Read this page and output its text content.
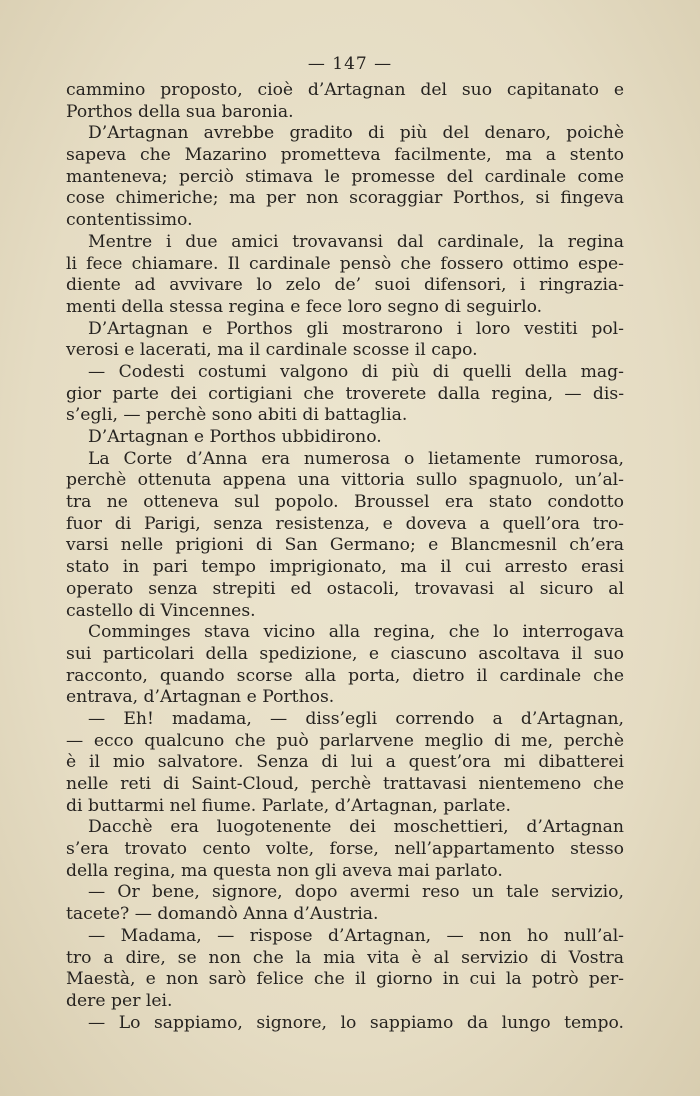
— 147 —
cammino proposto, cioè d’Artagnan del suo capitanato e
Porthos della sua baronia.
D’Artagnan avrebbe gradito di più del denaro, poichè
sapeva che Mazarino prometteva facilmente, ma a stento
manteneva; perciò stimava le promesse del cardinale come
cose chimeriche; ma per non scoraggiar Porthos, si fingeva
contentissimo.
Mentre i due amici trovavansi dal cardinale, la regina
li fece chiamare. Il cardinale pensò che fossero ottimo espe-
diente ad avvivare lo zelo de’ suoi difensori, i ringrazia-
menti della stessa regina e fece loro segno di seguirlo.
D’Artagnan e Porthos gli mostrarono i loro vestiti pol-
verosi e lacerati, ma il cardinale scosse il capo.
— Codesti costumi valgono di più di quelli della mag-
gior parte dei cortigiani che troverete dalla regina, — dis-
s’egli, — perchè sono abiti di battaglia.
D’Artagnan e Porthos ubbidirono.
La Corte d’Anna era numerosa o lietamente rumorosa,
perchè ottenuta appena una vittoria sullo spagnuolo, un’al-
tra ne otteneva sul popolo. Broussel era stato condotto
fuor di Parigi, senza resistenza, e doveva a quell’ora tro-
varsi nelle prigioni di San Germano; e Blancmesnil ch’era
stato in pari tempo imprigionato, ma il cui arresto erasi
operato senza strepiti ed ostacoli, trovavasi al sicuro al
castello di Vincennes.
Comminges stava vicino alla regina, che lo interrogava
sui particolari della spedizione, e ciascuno ascoltava il suo
racconto, quando scorse alla porta, dietro il cardinale che
entrava, d’Artagnan e Porthos.
— Eh! madama, — diss’egli correndo a d’Artagnan,
— ecco qualcuno che può parlarvene meglio di me, perchè
è il mio salvatore. Senza di lui a quest’ora mi dibatterei
nelle reti di Saint-Cloud, perchè trattavasi nientemeno che
di buttarmi nel fiume. Parlate, d’Artagnan, parlate.
Dacchè era luogotenente dei moschettieri, d’Artagnan
s’era trovato cento volte, forse, nell’appartamento stesso
della regina, ma questa non gli aveva mai parlato.
— Or bene, signore, dopo avermi reso un tale servizio,
tacete? — domandò Anna d’Austria.
— Madama, — rispose d’Artagnan, — non ho null’al-
tro a dire, se non che la mia vita è al servizio di Vostra
Maestà, e non sarò felice che il giorno in cui la potrò per-
dere per lei.
— Lo sappiamo, signore, lo sappiamo da lungo tempo.
